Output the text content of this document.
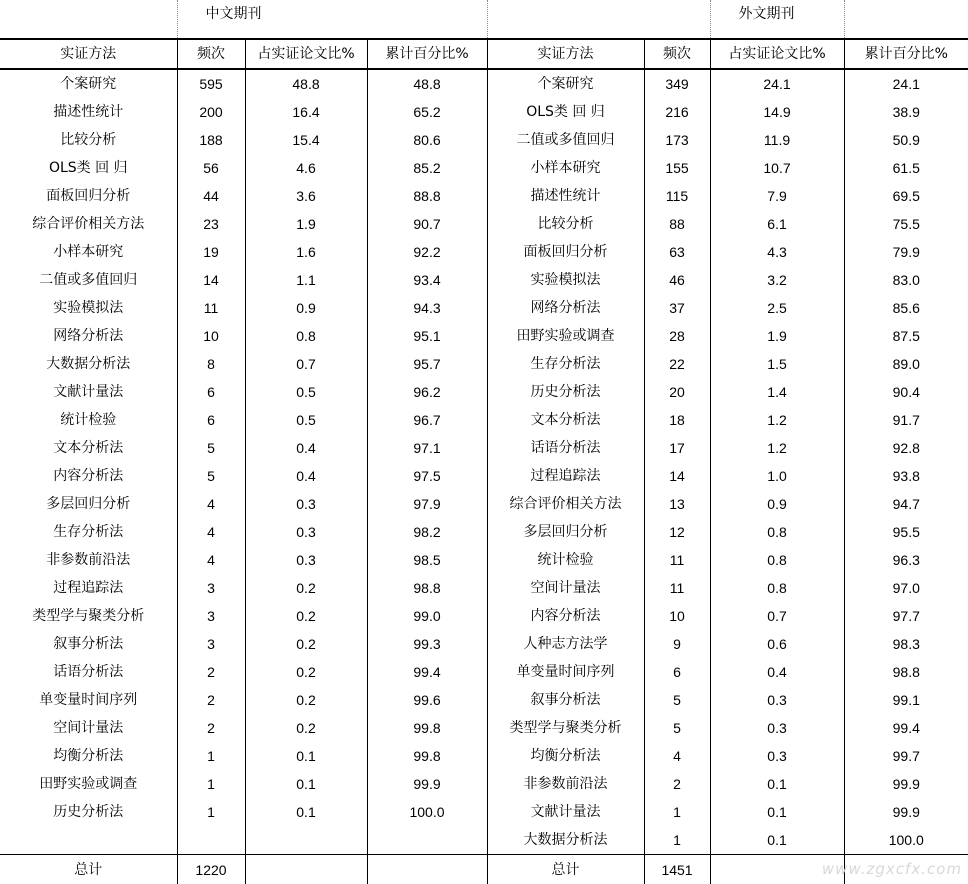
	中文期刊					外文期刊	
实证方法	频次	占实证论文比%	累计百分比%	实证方法	频次	占实证论文比%	累计百分比%
个案研究	595	48.8	48.8	个案研究	349	24.1	24.1
描述性统计	200	16.4	65.2	OLS类 回 归	216	14.9	38.9
比较分析	188	15.4	80.6	二值或多值回归	173	11.9	50.9
OLS类 回 归	56	4.6	85.2	小样本研究	155	10.7	61.5
面板回归分析	44	3.6	88.8	描述性统计	115	7.9	69.5
综合评价相关方法	23	1.9	90.7	比较分析	88	6.1	75.5
小样本研究	19	1.6	92.2	面板回归分析	63	4.3	79.9
二值或多值回归	14	1.1	93.4	实验模拟法	46	3.2	83.0
实验模拟法	11	0.9	94.3	网络分析法	37	2.5	85.6
网络分析法	10	0.8	95.1	田野实验或调查	28	1.9	87.5
大数据分析法	8	0.7	95.7	生存分析法	22	1.5	89.0
文献计量法	6	0.5	96.2	历史分析法	20	1.4	90.4
统计检验	6	0.5	96.7	文本分析法	18	1.2	91.7
文本分析法	5	0.4	97.1	话语分析法	17	1.2	92.8
内容分析法	5	0.4	97.5	过程追踪法	14	1.0	93.8
多层回归分析	4	0.3	97.9	综合评价相关方法	13	0.9	94.7
生存分析法	4	0.3	98.2	多层回归分析	12	0.8	95.5
非参数前沿法	4	0.3	98.5	统计检验	11	0.8	96.3
过程追踪法	3	0.2	98.8	空间计量法	11	0.8	97.0
类型学与聚类分析	3	0.2	99.0	内容分析法	10	0.7	97.7
叙事分析法	3	0.2	99.3	人种志方法学	9	0.6	98.3
话语分析法	2	0.2	99.4	单变量时间序列	6	0.4	98.8
单变量时间序列	2	0.2	99.6	叙事分析法	5	0.3	99.1
空间计量法	2	0.2	99.8	类型学与聚类分析	5	0.3	99.4
均衡分析法	1	0.1	99.8	均衡分析法	4	0.3	99.7
田野实验或调查	1	0.1	99.9	非参数前沿法	2	0.1	99.9
历史分析法	1	0.1	100.0	文献计量法	1	0.1	99.9
				大数据分析法	1	0.1	100.0
总计	1220			总计	1451			www.zgxcfx.com
